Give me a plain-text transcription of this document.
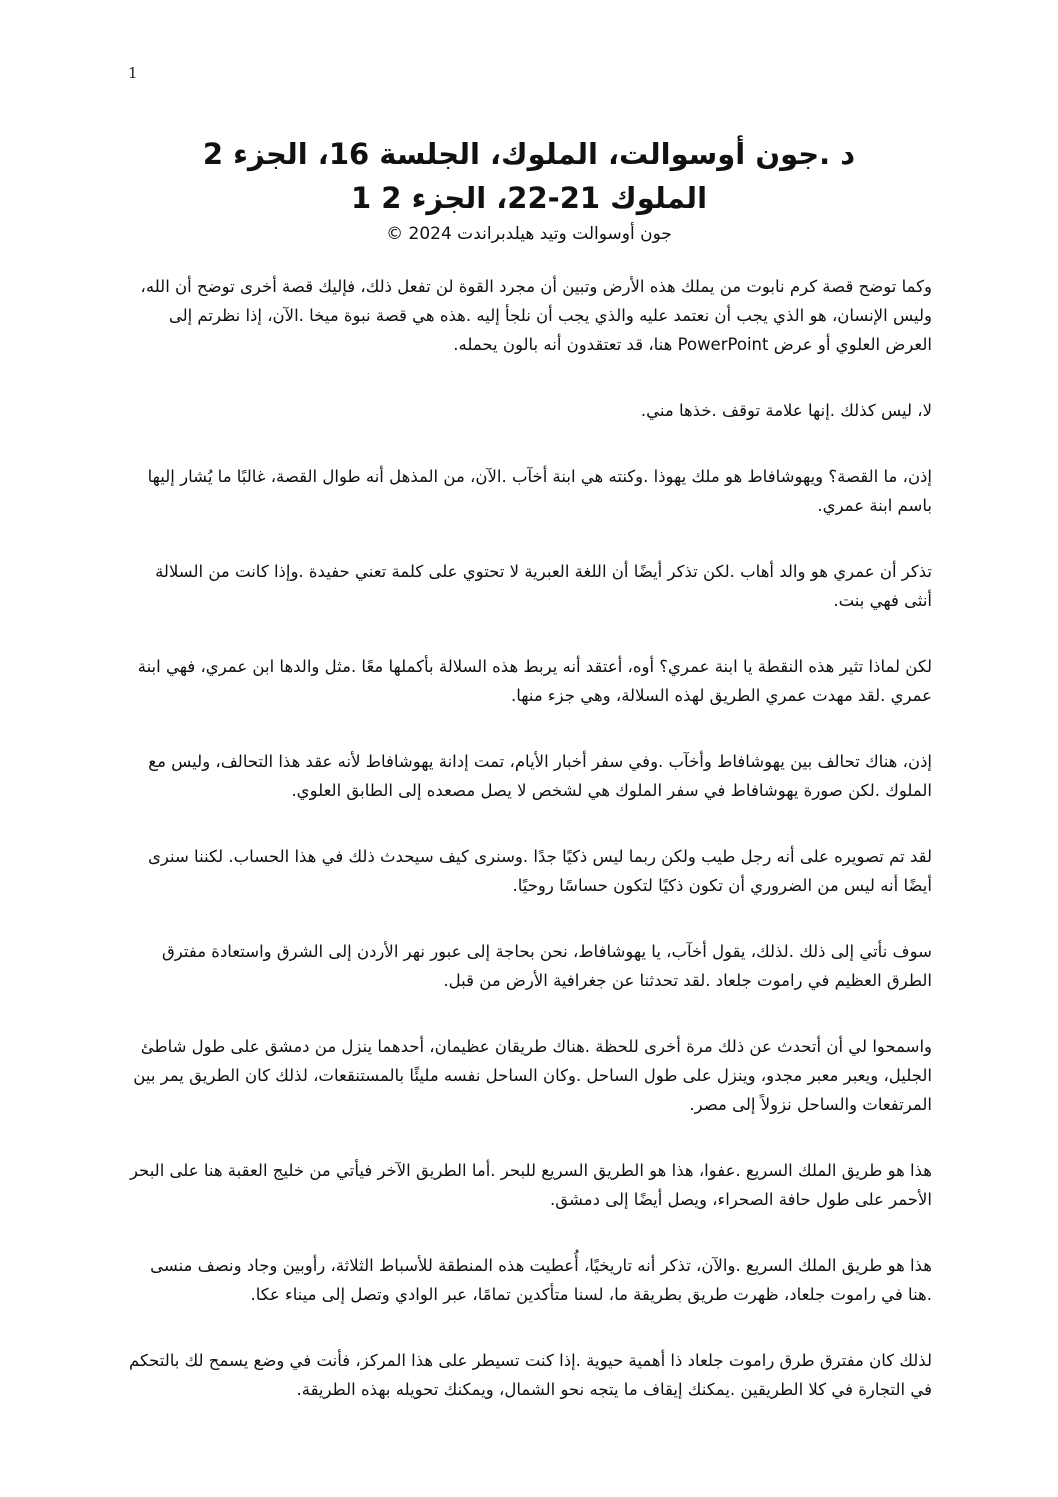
1
د .جون أوسوالت، الملوك، الجلسة 16، الجزء 2
الملوك 21-22، الجزء 2 1
جون أوسوالت وتيد هيلدبراندت 2024 ©

وكما توضح قصة كرم نابوت من يملك هذه الأرض وتبين أن مجرد القوة لن تفعل ذلك، فإليك قصة أخرى توضح أن الله، وليس الإنسان، هو الذي يجب أن نعتمد عليه والذي يجب أن نلجأ إليه .هذه هي قصة نبوة ميخا .الآن، إذا نظرتم إلى العرض العلوي أو عرض PowerPoint هنا، قد تعتقدون أنه بالون يحمله.

لا، ليس كذلك .إنها علامة توقف .خذها مني.

إذن، ما القصة؟ ويهوشافاط هو ملك يهوذا .وكنته هي ابنة أخآب .الآن، من المذهل أنه طوال القصة، غالبًا ما يُشار إليها باسم ابنة عمري.

تذكر أن عمري هو والد أهاب .لكن تذكر أيضًا أن اللغة العبرية لا تحتوي على كلمة تعني حفيدة .وإذا كانت من السلالة أنثى فهي بنت.

لكن لماذا تثير هذه النقطة يا ابنة عمري؟ أوه، أعتقد أنه يربط هذه السلالة بأكملها معًا .مثل والدها ابن عمري، فهي ابنة عمري .لقد مهدت عمري الطريق لهذه السلالة، وهي جزء منها.

إذن، هناك تحالف بين يهوشافاط وأخآب .وفي سفر أخبار الأيام، تمت إدانة يهوشافاط لأنه عقد هذا التحالف، وليس مع الملوك .لكن صورة يهوشافاط في سفر الملوك هي لشخص لا يصل مصعده إلى الطابق العلوي.

لقد تم تصويره على أنه رجل طيب ولكن ربما ليس ذكيًا جدًا .وسنرى كيف سيحدث ذلك في هذا الحساب. لكننا سنرى أيضًا أنه ليس من الضروري أن تكون ذكيًا لتكون حساسًا روحيًا.

سوف نأتي إلى ذلك .لذلك، يقول أخآب، يا يهوشافاط، نحن بحاجة إلى عبور نهر الأردن إلى الشرق واستعادة مفترق الطرق العظيم في راموت جلعاد .لقد تحدثنا عن جغرافية الأرض من قبل.

واسمحوا لي أن أتحدث عن ذلك مرة أخرى للحظة .هناك طريقان عظيمان، أحدهما ينزل من دمشق على طول شاطئ الجليل، ويعبر معبر مجدو، وينزل على طول الساحل .وكان الساحل نفسه مليئًا بالمستنقعات، لذلك كان الطريق يمر بين المرتفعات والساحل نزولاً إلى مصر.

هذا هو طريق الملك السريع .عفوا، هذا هو الطريق السريع للبحر .أما الطريق الآخر فيأتي من خليج العقبة هنا على البحر الأحمر على طول حافة الصحراء، ويصل أيضًا إلى دمشق.

هذا هو طريق الملك السريع .والآن، تذكر أنه تاريخيًا، أُعطيت هذه المنطقة للأسباط الثلاثة، رأوبين وجاد ونصف منسى .هنا في راموت جلعاد، ظهرت طريق بطريقة ما، لسنا متأكدين تمامًا، عبر الوادي وتصل إلى ميناء عكا.

لذلك كان مفترق طرق راموت جلعاد ذا أهمية حيوية .إذا كنت تسيطر على هذا المركز، فأنت في وضع يسمح لك بالتحكم في التجارة في كلا الطريقين .يمكنك إيقاف ما يتجه نحو الشمال، ويمكنك تحويله بهذه الطريقة.
